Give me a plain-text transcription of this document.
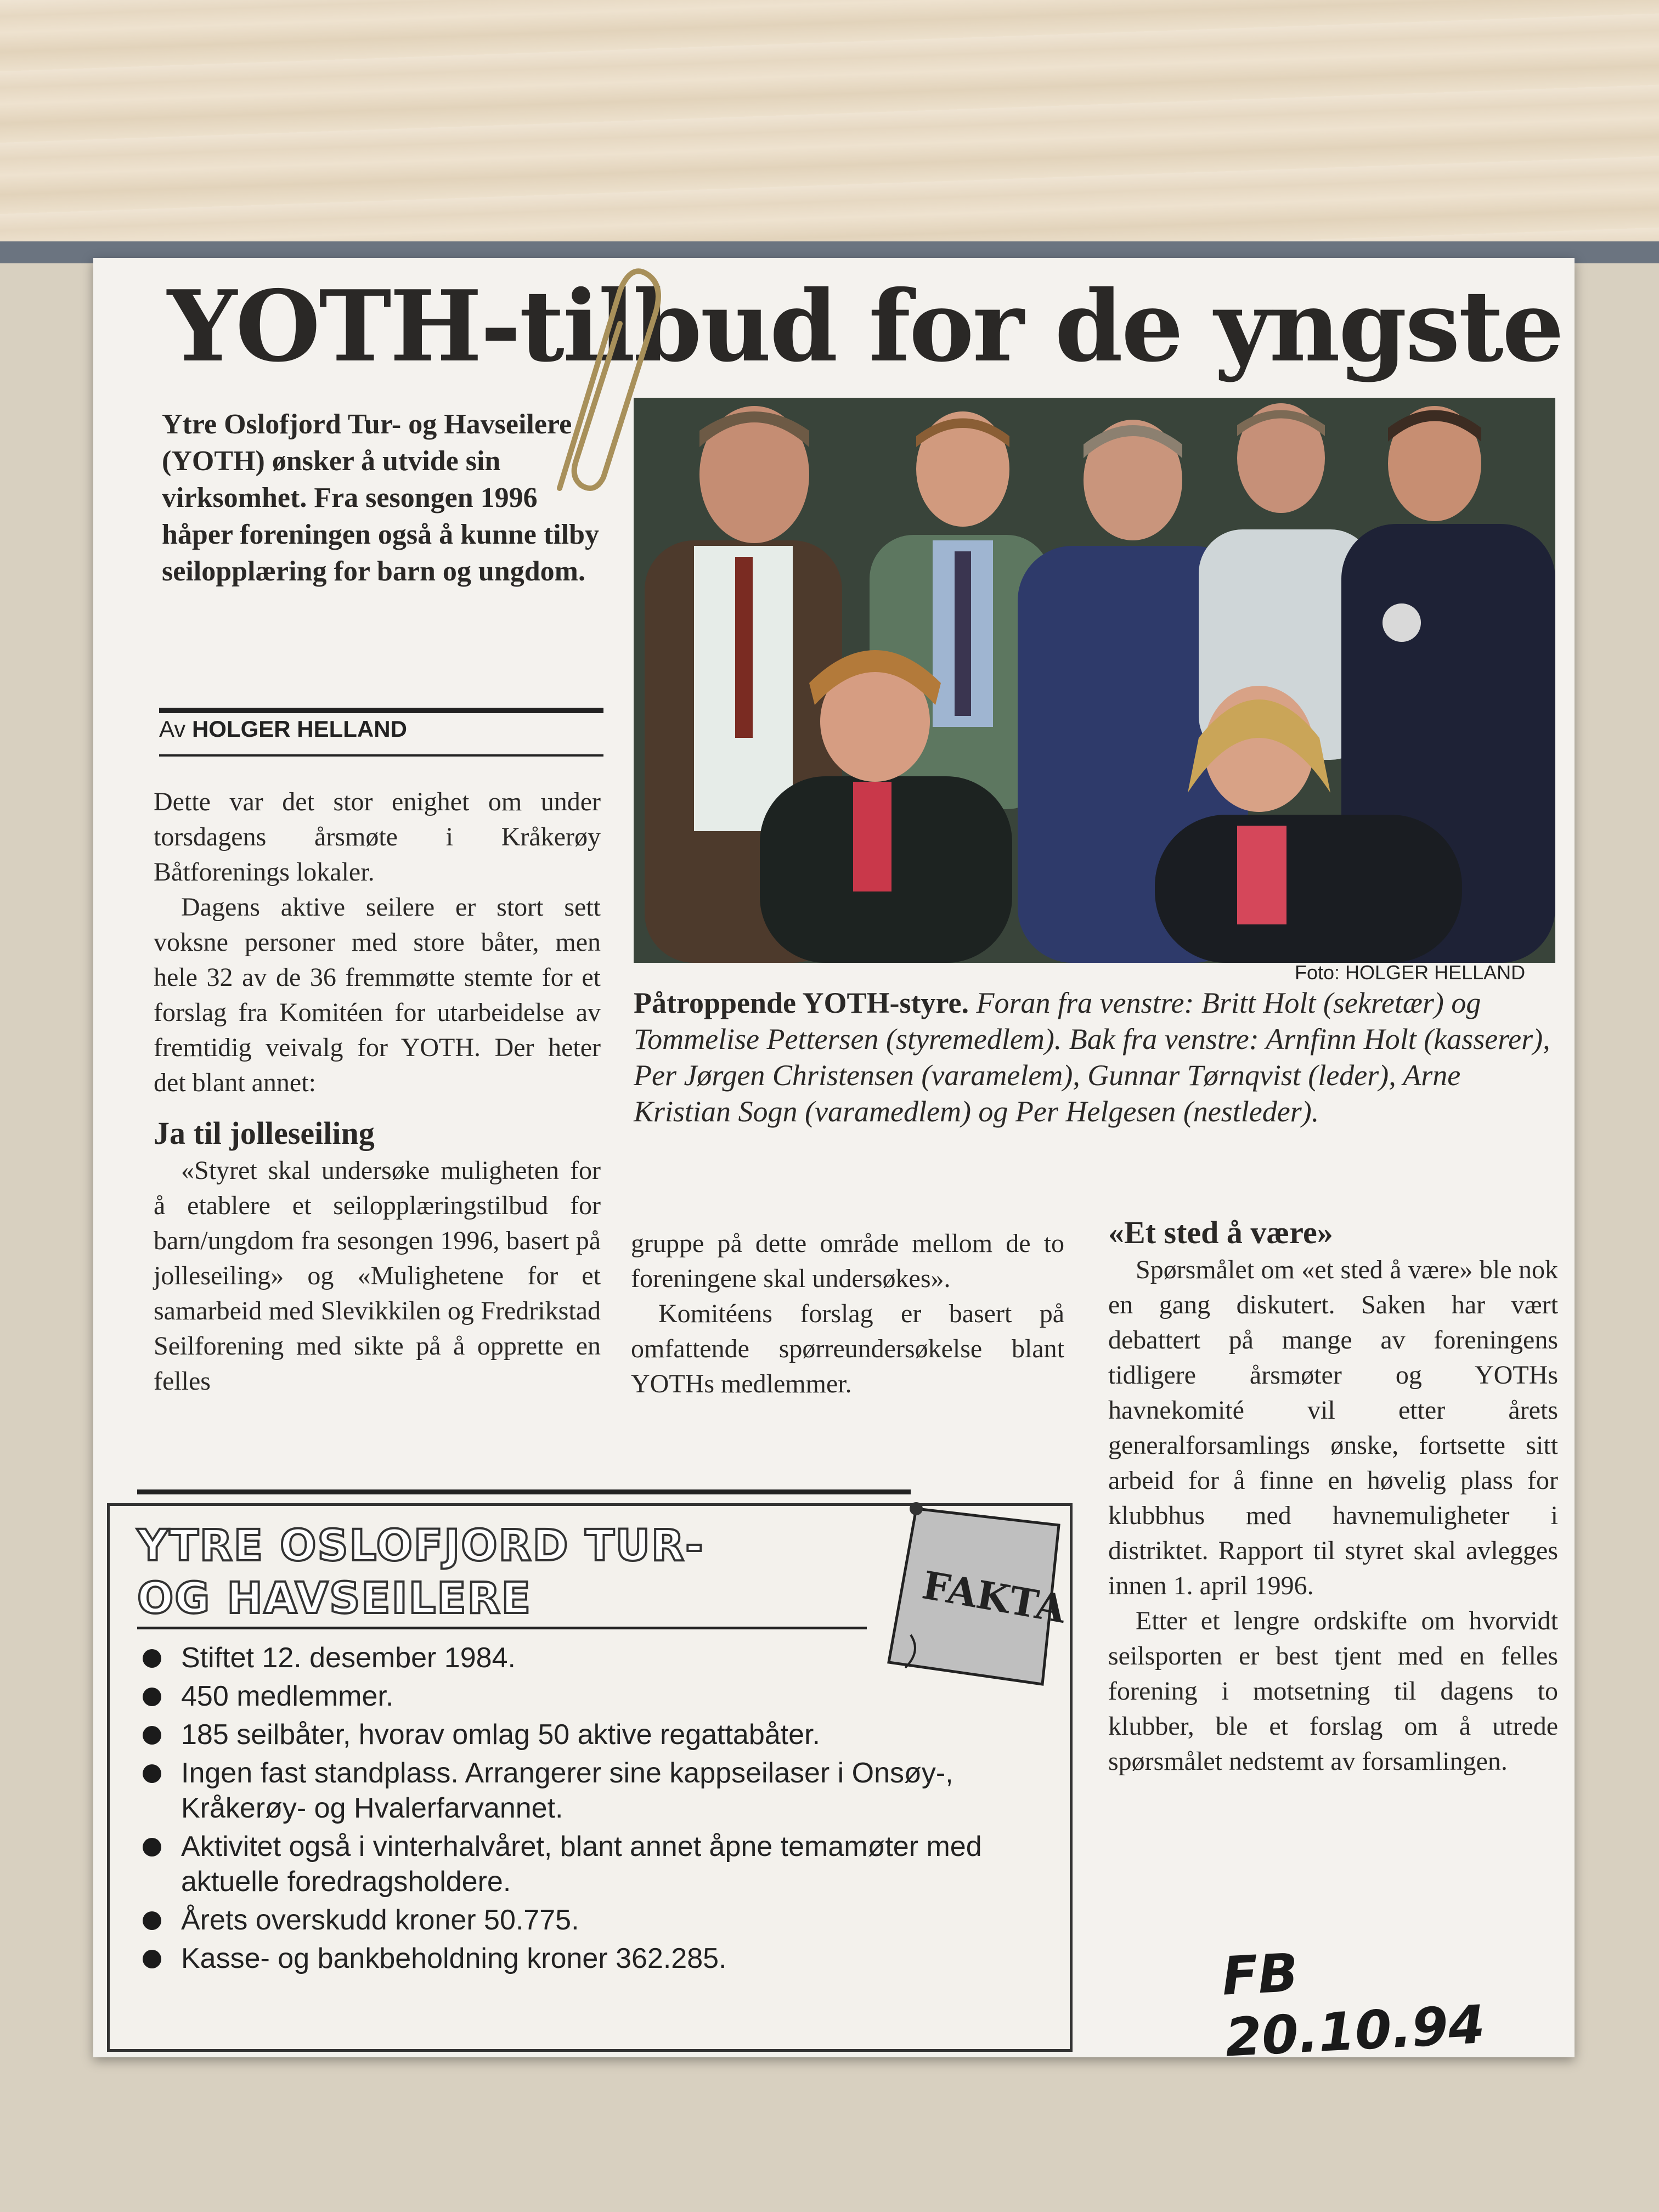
YOTH-tilbud for de yngste
Ytre Oslofjord Tur- og Havseilere (YOTH) ønsker å utvide sin virksomhet. Fra sesongen 1996 håper foreningen også å kunne tilby seilopplæring for barn og ungdom.
Av HOLGER HELLAND

Dette var det stor enighet om under torsdagens årsmøte i Kråkerøy Båtforenings lokaler.

Dagens aktive seilere er stort sett voksne personer med store båter, men hele 32 av de 36 fremmøtte stemte for et forslag fra Komitéen for utarbeidelse av fremtidig veivalg for YOTH. Der heter det blant annet:

Ja til jolleseiling

«Styret skal undersøke muligheten for å etablere et seilopplæringstilbud for barn/ungdom fra sesongen 1996, basert på jolleseiling» og «Mulighetene for et samarbeid med Slevikkilen og Fredrikstad Seilforening med sikte på å opprette en felles

Foto: HOLGER HELLAND
Påtroppende YOTH-styre. Foran fra venstre: Britt Holt (sekretær) og Tommelise Pettersen (styremedlem). Bak fra venstre: Arnfinn Holt (kasserer), Per Jørgen Christensen (varamelem), Gunnar Tørnqvist (leder), Arne Kristian Sogn (varamedlem) og Per Helgesen (nestleder).

gruppe på dette område mellom de to foreningene skal undersøkes».

Komitéens forslag er basert på omfattende spørreundersøkelse blant YOTHs medlemmer.

«Et sted å være»

Spørsmålet om «et sted å være» ble nok en gang diskutert. Saken har vært debattert på mange av foreningens tidligere årsmøter og YOTHs havnekomité vil etter årets generalforsamlings ønske, fortsette sitt arbeid for å finne en høvelig plass for klubbhus med havnemuligheter i distriktet. Rapport til styret skal avlegges innen 1. april 1996.

Etter et lengre ordskifte om hvorvidt seilsporten er best tjent med en felles forening i motsetning til dagens to klubber, ble et forslag om å utrede spørsmålet nedstemt av forsamlingen.

YTRE OSLOFJORD TUR-
OG HAVSEILERE	FAKTA
Stiftet 12. desember 1984.
450 medlemmer.
185 seilbåter, hvorav omlag 50 aktive regattabåter.
Ingen fast standplass. Arrangerer sine kappseilaser i Onsøy-, Kråkerøy- og Hvalerfarvannet.
Aktivitet også i vinterhalvåret, blant annet åpne temamøter med aktuelle foredragsholdere.
Årets overskudd kroner 50.775.
Kasse- og bankbeholdning kroner 362.285.	FB 20.10.94
